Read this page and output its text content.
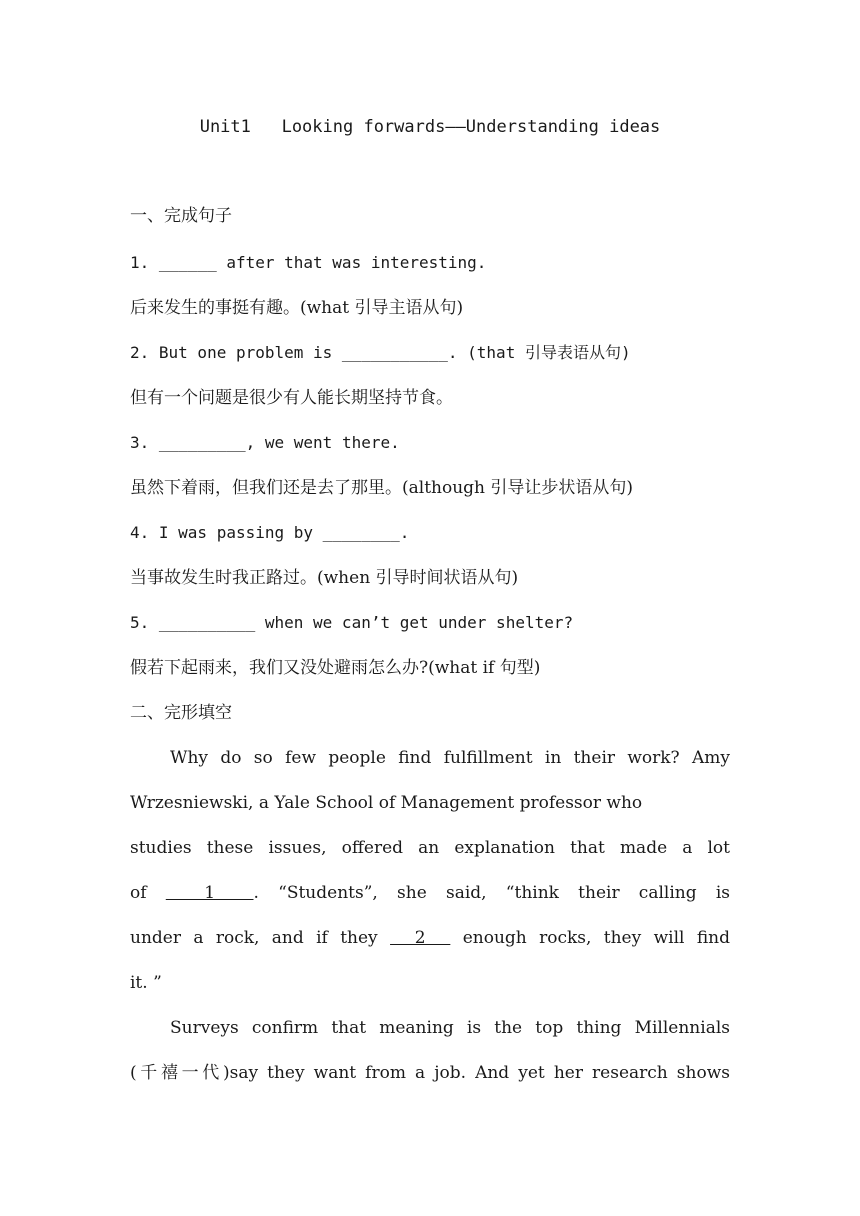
Unit1   Looking forwards——Understanding ideas
一、完成句子
1. ______ after that was interesting.
后来发生的事挺有趣。(what 引导主语从句)
2. But one problem is ___________. (that 引导表语从句)
但有一个问题是很少有人能长期坚持节食。
3. _________, we went there.
虽然下着雨，但我们还是去了那里。(although 引导让步状语从句)
4. I was passing by ________.
当事故发生时我正路过。(when 引导时间状语从句)
5. __________ when we can’t get under shelter?
假若下起雨来，我们又没处避雨怎么办?(what if 句型)
二、完形填空
Why do so few people find fulfillment in their work? Amy
Wrzesniewski, a Yale School of Management professor who
studies these issues, offered an explanation that made a lot
of   1  . “Students”, she said, “think their calling is
under a rock, and if they   2   enough rocks, they will find
it. ”
Surveys confirm that meaning is the top thing Millennials
(千禧一代)say they want from a job. And yet her research shows
